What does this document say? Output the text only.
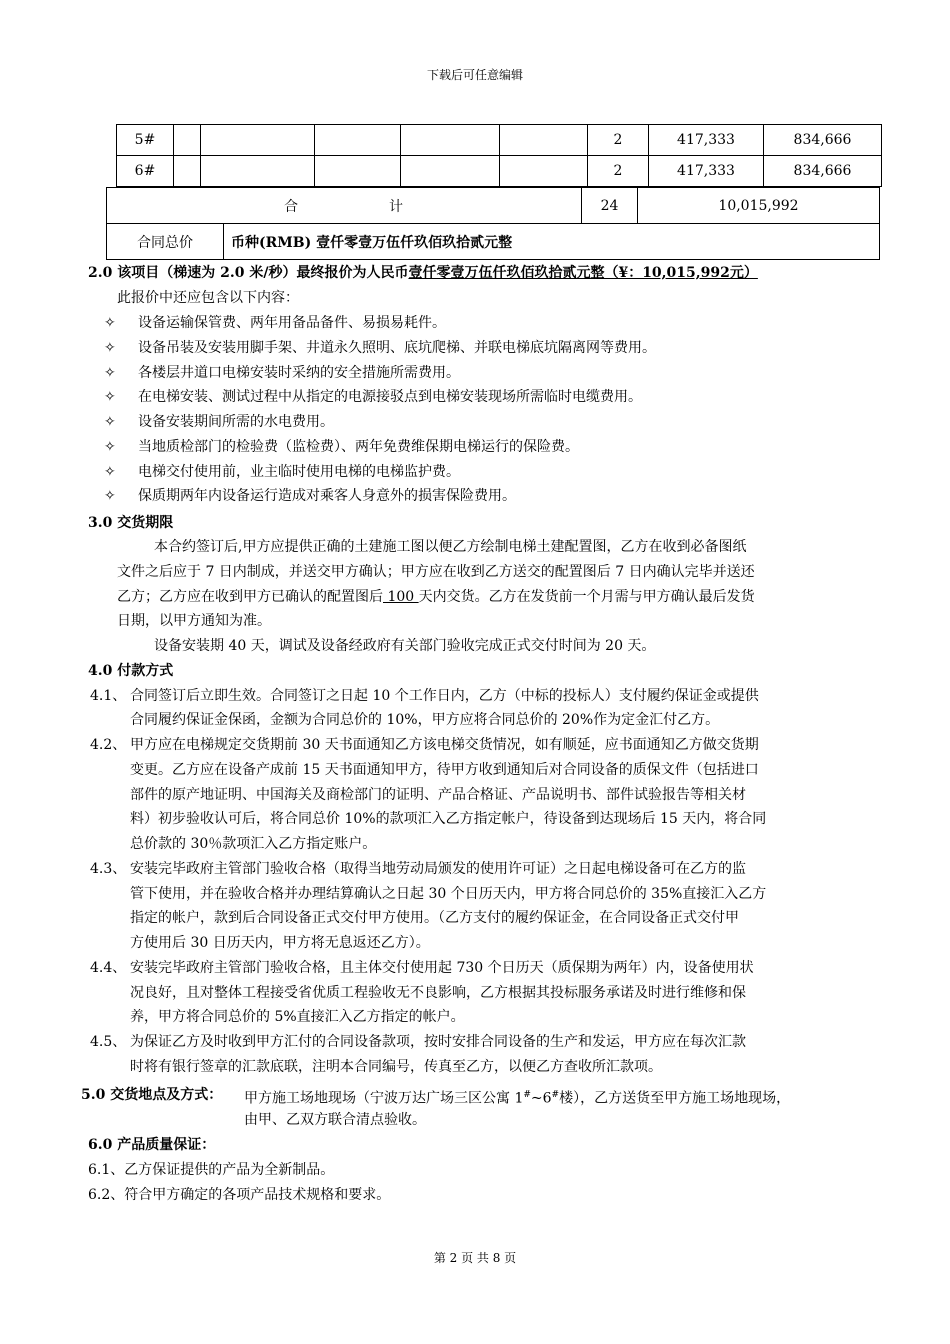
下载后可任意编辑
5#						2	417,333	834,666
6#						2	417,333	834,666
合　　　　　　计		24	10,015,992
合同总价	币种(RMB) 壹仟零壹万伍仟玖佰玖拾贰元整		
2.0 该项目（梯速为 2.0 米/秒）最终报价为人民币壹仟零壹万伍仟玖佰玖拾贰元整（¥：10,015,992元）
此报价中还应包含以下内容：
✧ 设备运输保管费、两年用备品备件、易损易耗件。
✧ 设备吊装及安装用脚手架、井道永久照明、底坑爬梯、并联电梯底坑隔离网等费用。
✧ 各楼层井道口电梯安装时采纳的安全措施所需费用。
✧ 在电梯安装、测试过程中从指定的电源接驳点到电梯安装现场所需临时电缆费用。
✧ 设备安装期间所需的水电费用。
✧ 当地质检部门的检验费（监检费）、两年免费维保期电梯运行的保险费。
✧ 电梯交付使用前，业主临时使用电梯的电梯监护费。
✧ 保质期两年内设备运行造成对乘客人身意外的损害保险费用。
3.0 交货期限
本合约签订后,甲方应提供正确的土建施工图以便乙方绘制电梯土建配置图，乙方在收到必备图纸
文件之后应于 7 日内制成，并送交甲方确认；甲方应在收到乙方送交的配置图后 7 日内确认完毕并送还
乙方；乙方应在收到甲方已确认的配置图后 100 天内交货。乙方在发货前一个月需与甲方确认最后发货
日期，以甲方通知为准。
设备安装期 40 天，调试及设备经政府有关部门验收完成正式交付时间为 20 天。
4.0 付款方式
4.1、 合同签订后立即生效。合同签订之日起 10 个工作日内，乙方（中标的投标人）支付履约保证金或提供
合同履约保证金保函，金额为合同总价的 10%，甲方应将合同总价的 20%作为定金汇付乙方。
4.2、 甲方应在电梯规定交货期前 30 天书面通知乙方该电梯交货情况，如有顺延，应书面通知乙方做交货期
变更。乙方应在设备产成前 15 天书面通知甲方，待甲方收到通知后对合同设备的质保文件（包括进口
部件的原产地证明、中国海关及商检部门的证明、产品合格证、产品说明书、部件试验报告等相关材
料）初步验收认可后，将合同总价 10%的款项汇入乙方指定帐户，待设备到达现场后 15 天内，将合同
总价款的 30％款项汇入乙方指定账户。
4.3、 安装完毕政府主管部门验收合格（取得当地劳动局颁发的使用许可证）之日起电梯设备可在乙方的监
管下使用，并在验收合格并办理结算确认之日起 30 个日历天内，甲方将合同总价的 35%直接汇入乙方
指定的帐户，款到后合同设备正式交付甲方使用。（乙方支付的履约保证金，在合同设备正式交付甲
方使用后 30 日历天内，甲方将无息返还乙方）。
4.4、 安装完毕政府主管部门验收合格，且主体交付使用起 730 个日历天（质保期为两年）内，设备使用状
况良好，且对整体工程接受省优质工程验收无不良影响，乙方根据其投标服务承诺及时进行维修和保
养，甲方将合同总价的 5%直接汇入乙方指定的帐户。
4.5、 为保证乙方及时收到甲方汇付的合同设备款项，按时安排合同设备的生产和发运，甲方应在每次汇款
时将有银行签章的汇款底联，注明本合同编号，传真至乙方，以便乙方查收所汇款项。
5.0 交货地点及方式： 甲方施工场地现场（宁波万达广场三区公寓 1#~6#楼），乙方送货至甲方施工场地现场，
由甲、乙双方联合清点验收。
6.0 产品质量保证：
6.1、乙方保证提供的产品为全新制品。
6.2、符合甲方确定的各项产品技术规格和要求。
第 2 页 共 8 页
